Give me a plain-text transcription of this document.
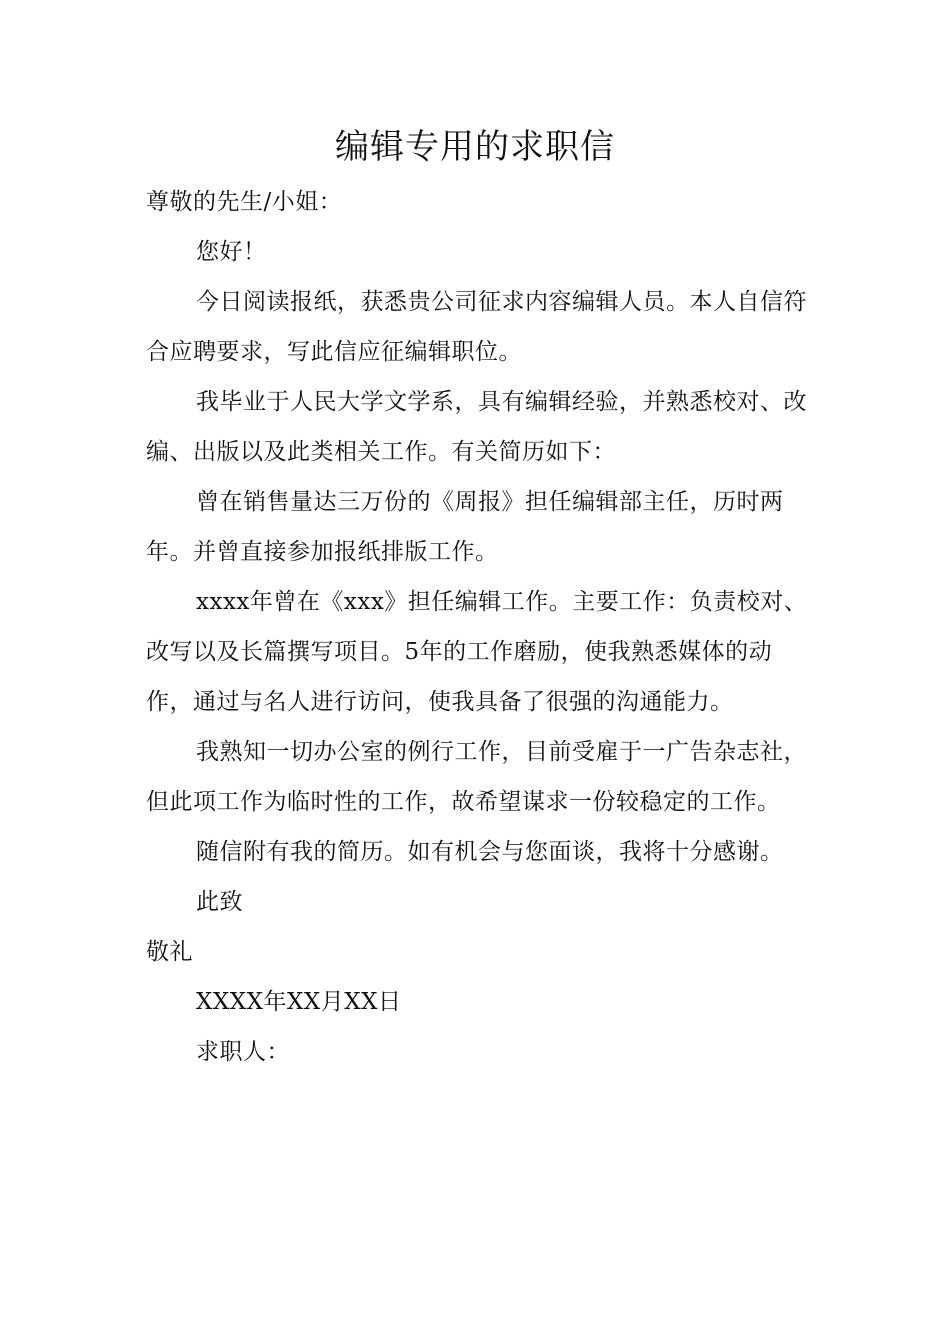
编辑专用的求职信

尊敬的先生/小姐：

您好！

今日阅读报纸，获悉贵公司征求内容编辑人员。本人自信符合应聘要求，写此信应征编辑职位。

我毕业于人民大学文学系，具有编辑经验，并熟悉校对、改编、出版以及此类相关工作。有关简历如下：

曾在销售量达三万份的《周报》担任编辑部主任，历时两年。并曾直接参加报纸排版工作。

xxxx年曾在《xxx》担任编辑工作。主要工作：负责校对、改写以及长篇撰写项目。5年的工作磨励，使我熟悉媒体的动作，通过与名人进行访问，使我具备了很强的沟通能力。

我熟知一切办公室的例行工作，目前受雇于一广告杂志社，但此项工作为临时性的工作，故希望谋求一份较稳定的工作。

随信附有我的简历。如有机会与您面谈，我将十分感谢。

此致

敬礼

XXXX年XX月XX日

求职人：
